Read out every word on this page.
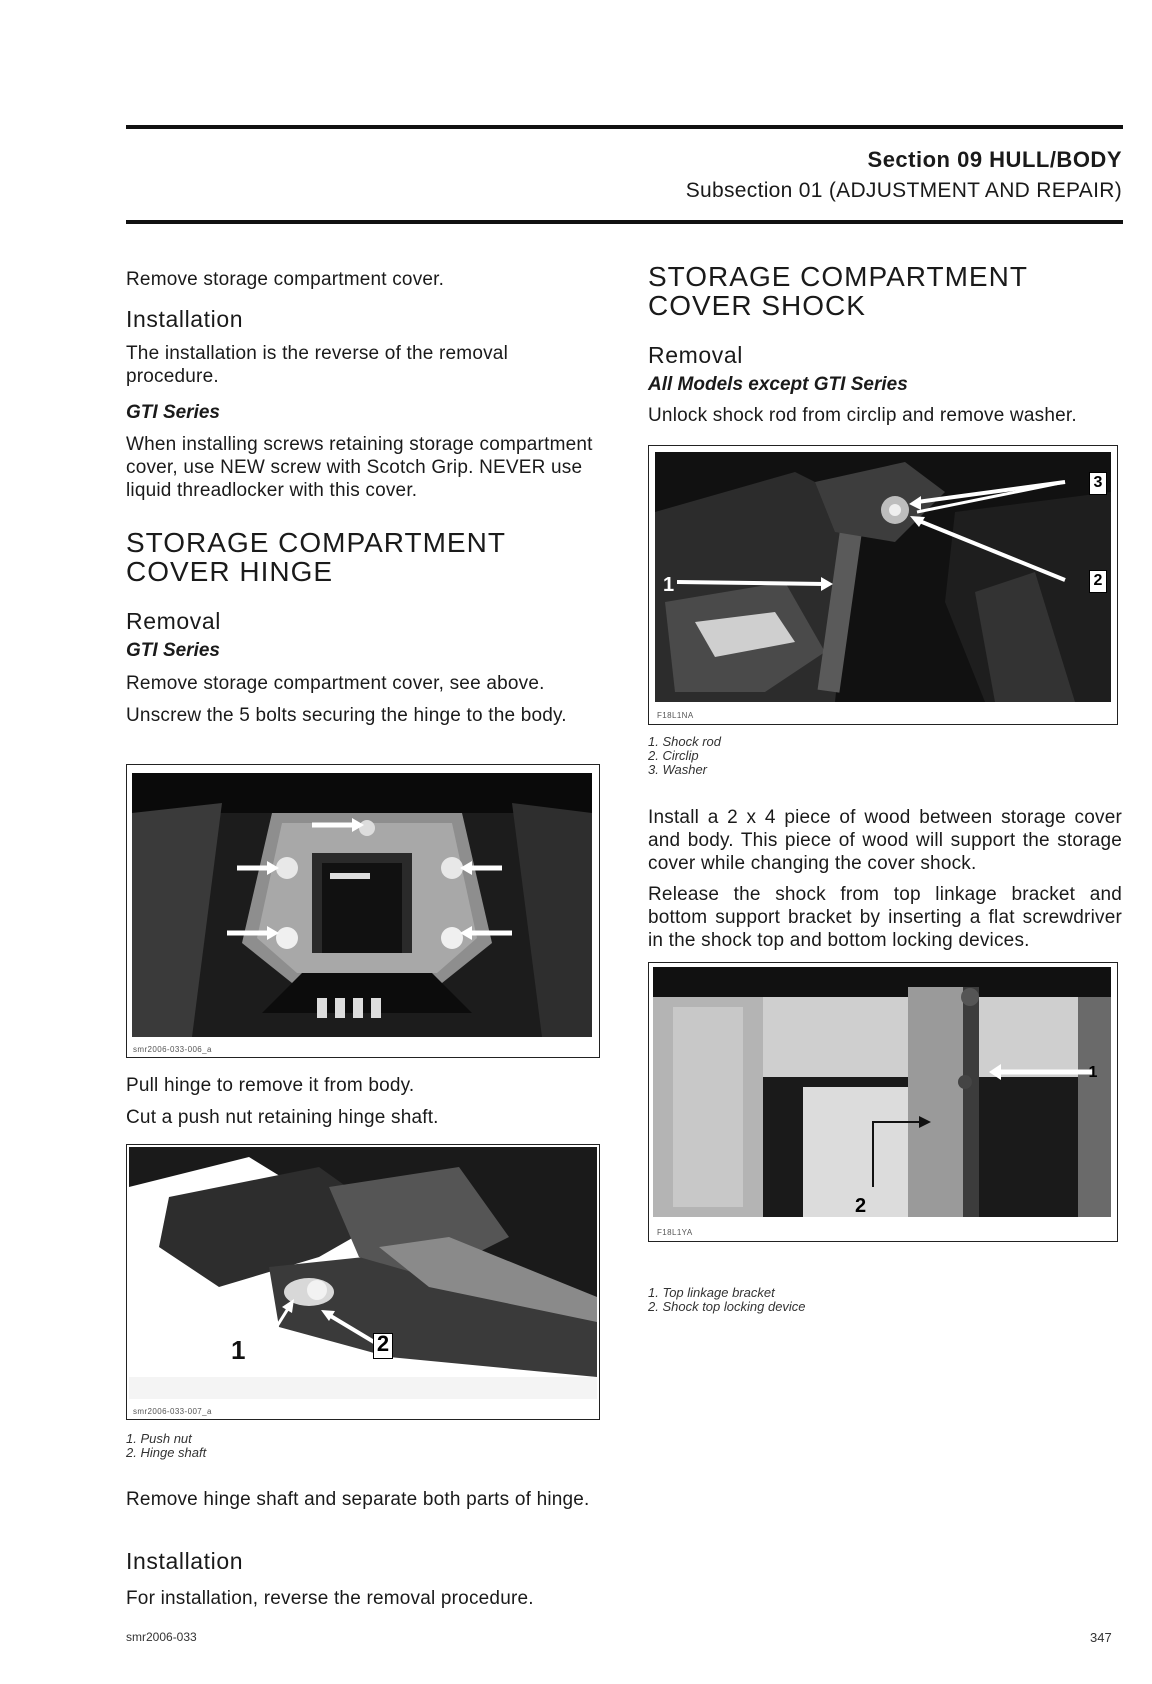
Section 09 HULL/BODY
Subsection 01 (ADJUSTMENT AND REPAIR)
Remove storage compartment cover.
Installation
The installation is the reverse of the removal procedure.
GTI Series
When installing screws retaining storage compartment cover, use NEW screw with Scotch Grip. NEVER use liquid threadlocker with this cover.
STORAGE COMPARTMENT
COVER HINGE
Removal
GTI Series
Remove storage compartment cover, see above.
Unscrew the 5 bolts securing the hinge to the body.
smr2006-033-006_a
Pull hinge to remove it from body.
Cut a push nut retaining hinge shaft.
1	2
smr2006-033-007_a
1. Push nut
2. Hinge shaft
Remove hinge shaft and separate both parts of hinge.
Installation
For installation, reverse the removal procedure.
STORAGE COMPARTMENT
COVER SHOCK
Removal
All Models except GTI Series
Unlock shock rod from circlip and remove washer.
3
2
1
F18L1NA
1. Shock rod
2. Circlip
3. Washer
Install a 2 x 4 piece of wood between storage cover and body. This piece of wood will support the storage cover while changing the cover shock.
Release the shock from top linkage bracket and bottom support bracket by inserting a flat screwdriver in the shock top and bottom locking devices.
1
2
F18L1YA
1. Top linkage bracket
2. Shock top locking device
smr2006-033	347
